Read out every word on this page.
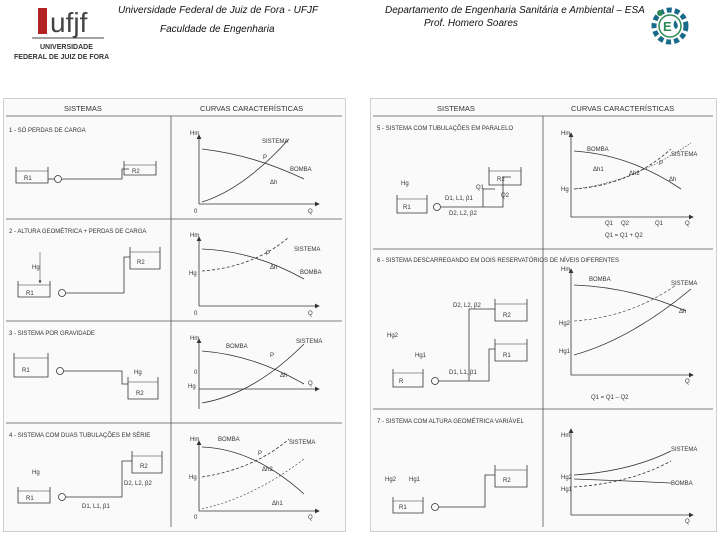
ufjf
UNIVERSIDADE
FEDERAL DE JUIZ DE FORA
Universidade Federal de Juiz de Fora - UFJF
Faculdade de Engenharia
Departamento de Engenharia Sanitária e Ambiental – ESA
Prof. Homero Soares	E
SISTEMAS	CURVAS CARACTERÍSTICAS
1 - SÓ PERDAS DE CARGA
R1
R2
Hm
Q
0
SISTEMA
BOMBA
P
Δh
2 - ALTURA GEOMÉTRICA + PERDAS DE CARGA
R1
R2
Hg
Hm
Q
0
Hg
SISTEMA
BOMBA
P
Δh
3 - SISTEMA POR GRAVIDADE
R1
R2
Hg
Hm
Q
0
Hg
BOMBA
SISTEMA
P
Δh
4 - SISTEMA COM DUAS TUBULAÇÕES EM SÉRIE
R1
R2
Hg
D1, L1, β1
D2, L2, β2
Hm
Q
0
Hg
BOMBA	SISTEMA
P
Δh2
Δh1
SISTEMAS	CURVAS CARACTERÍSTICAS
5 - SISTEMA COM TUBULAÇÕES EM PARALELO
R1
R2
Hg
Q1
Q2
D1, L1, β1
D2, L2, β2
Hm
Q
Hg
BOMBA
SISTEMA
P
Δh1
Δh2
Δh
Q1 Q2	Q1
Q1 = Q1 + Q2
6 - SISTEMA DESCARREGANDO EM DOIS RESERVATÓRIOS DE NÍVEIS DIFERENTES
R
R2
R1
Hg2
Hg1
D2, L2, β2
D1, L1, β1
Hm
Q
Hg2
Hg1
BOMBA
SISTEMA
Δh
Q1 = Q1 – Q2
7 - SISTEMA COM ALTURA GEOMÉTRICA VARIÁVEL
R1
R2
Hg2 Hg1
Hm
Q
Hg2
Hg1
SISTEMA
BOMBA
